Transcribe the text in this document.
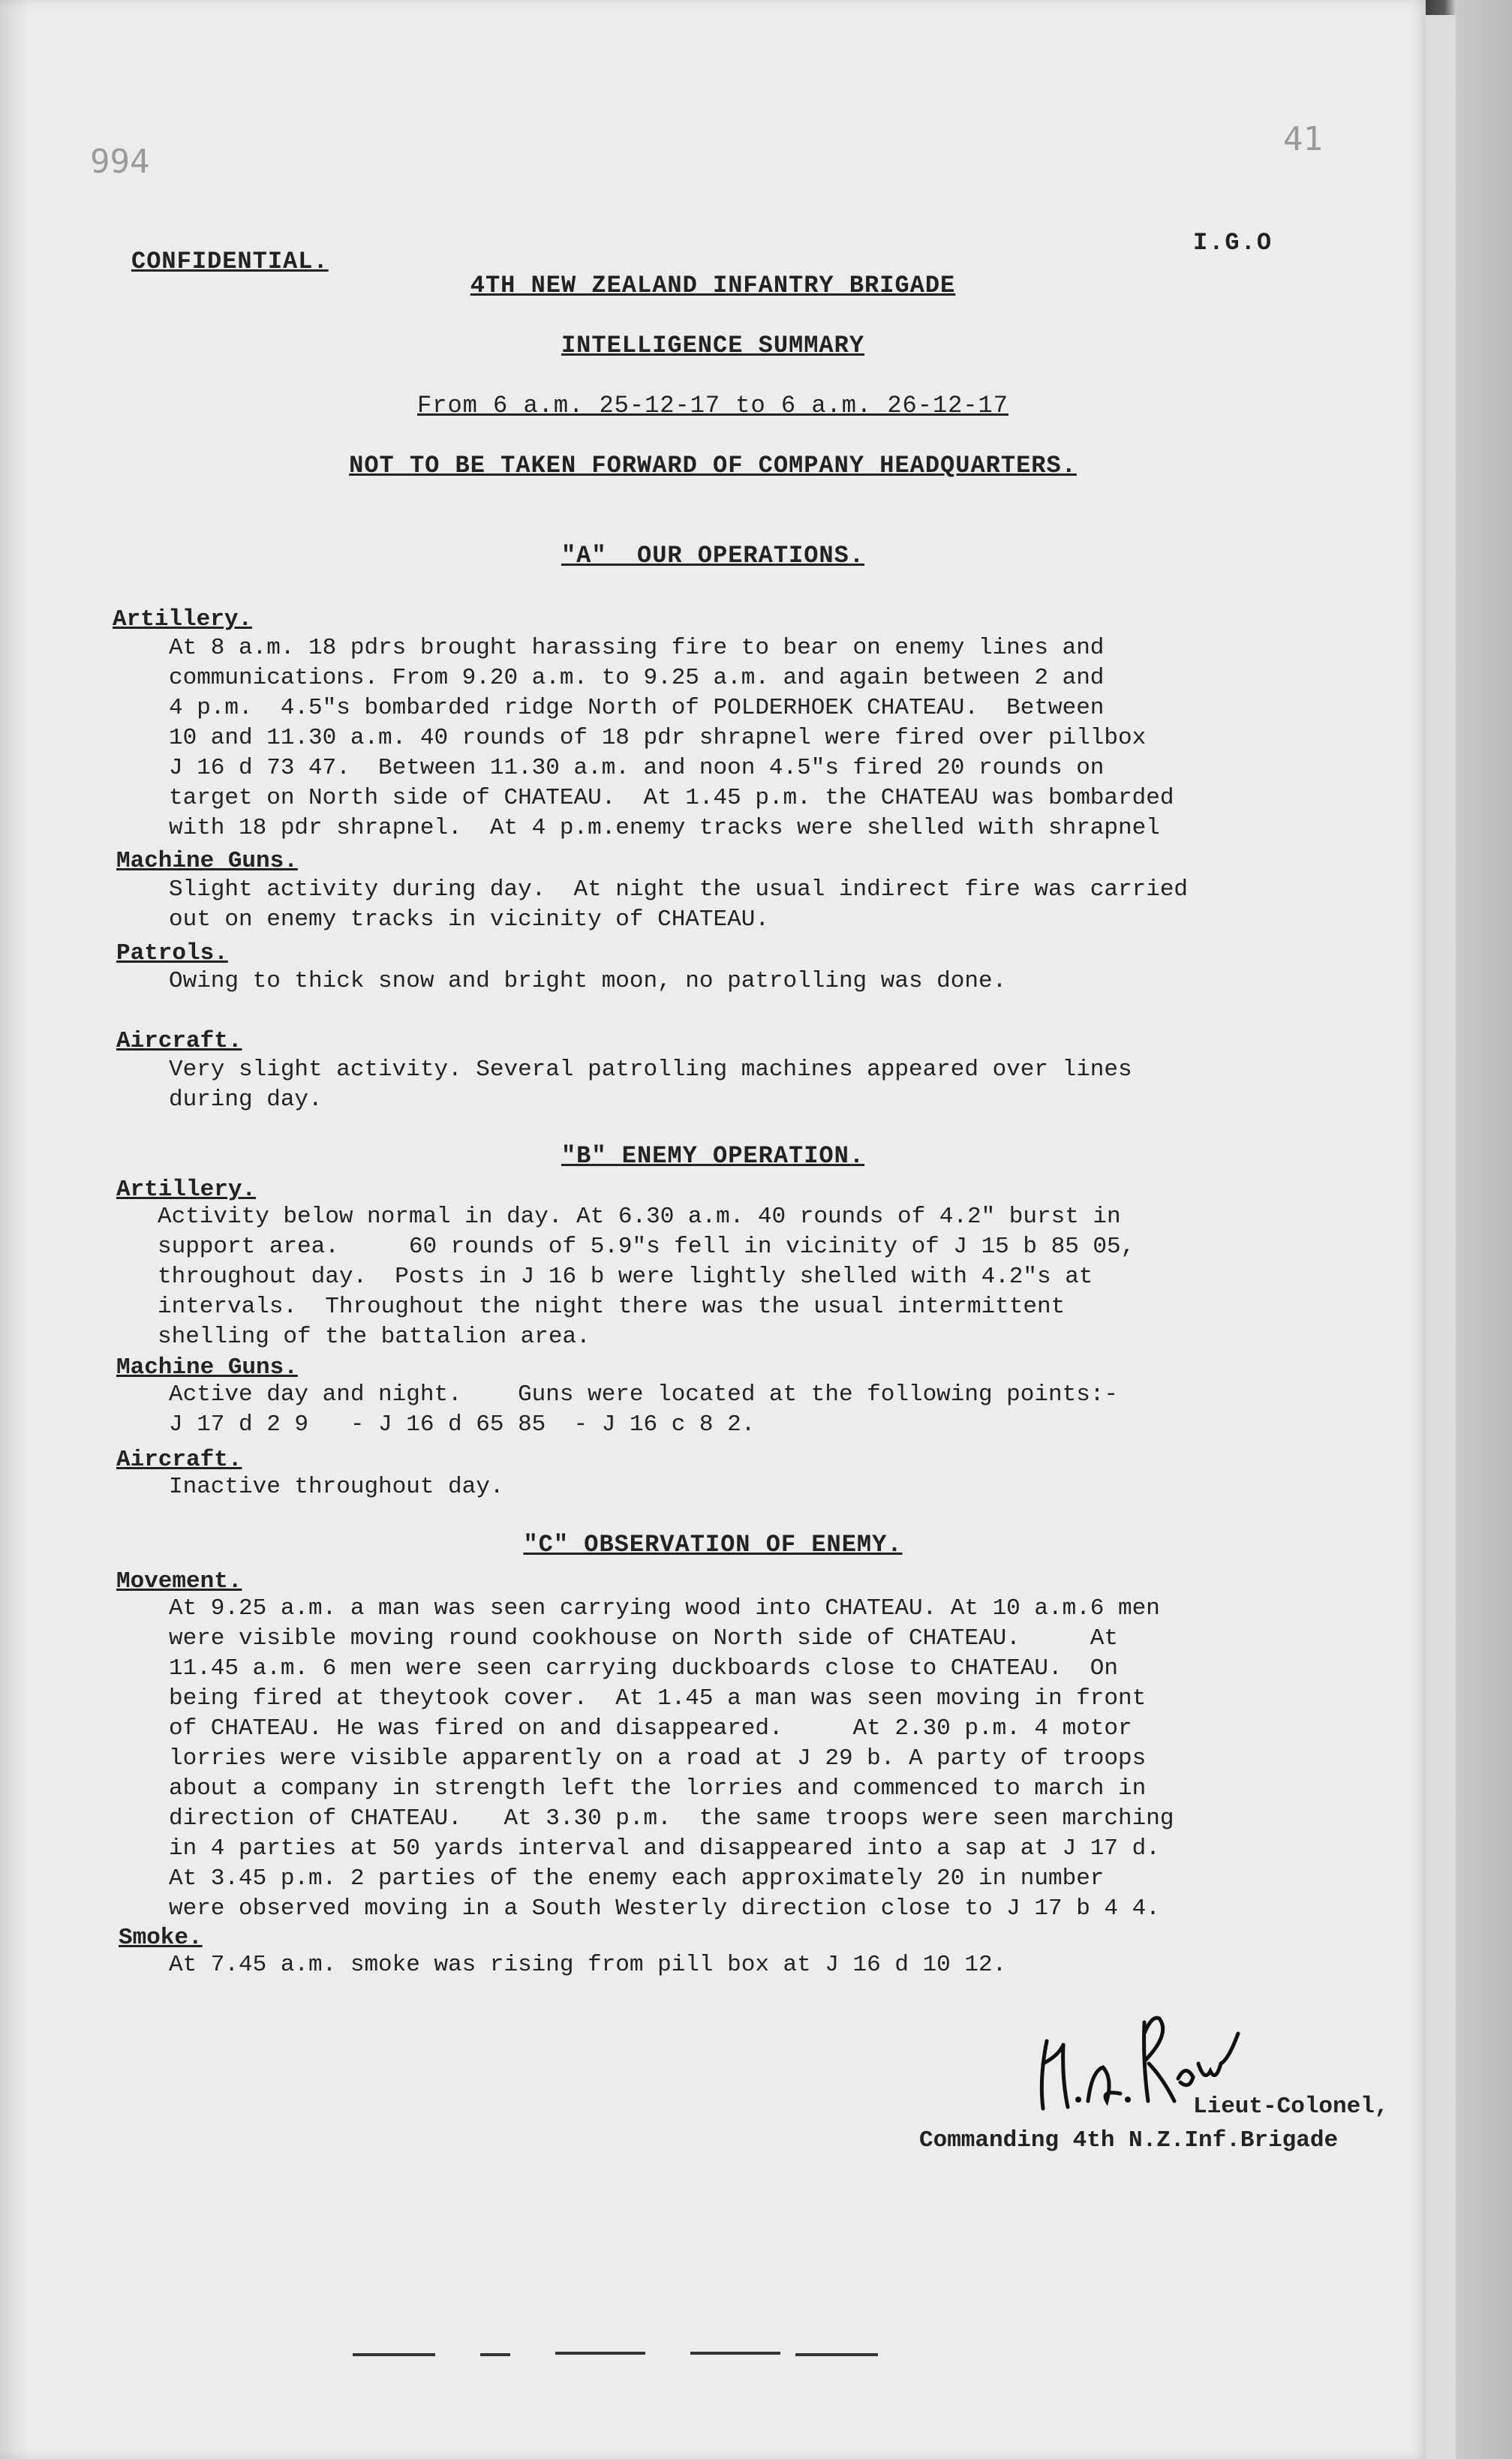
994
41
CONFIDENTIAL.
I.G.O
4TH NEW ZEALAND INFANTRY BRIGADE
INTELLIGENCE SUMMARY
From 6 a.m. 25-12-17 to 6 a.m. 26-12-17
NOT TO BE TAKEN FORWARD OF COMPANY HEADQUARTERS.
"A"  OUR OPERATIONS.
Artillery.
At 8 a.m. 18 pdrs brought harassing fire to bear on enemy lines and
communications. From 9.20 a.m. to 9.25 a.m. and again between 2 and
4 p.m.  4.5"s bombarded ridge North of POLDERHOEK CHATEAU.  Between
10 and 11.30 a.m. 40 rounds of 18 pdr shrapnel were fired over pillbox
J 16 d 73 47.  Between 11.30 a.m. and noon 4.5"s fired 20 rounds on
target on North side of CHATEAU.  At 1.45 p.m. the CHATEAU was bombarded
with 18 pdr shrapnel.  At 4 p.m.enemy tracks were shelled with shrapnel
Machine Guns.
Slight activity during day.  At night the usual indirect fire was carried
out on enemy tracks in vicinity of CHATEAU.
Patrols.
Owing to thick snow and bright moon, no patrolling was done.
Aircraft.
Very slight activity. Several patrolling machines appeared over lines
during day.
"B" ENEMY OPERATION.
Artillery.
Activity below normal in day. At 6.30 a.m. 40 rounds of 4.2" burst in
support area.     60 rounds of 5.9"s fell in vicinity of J 15 b 85 05,
throughout day.  Posts in J 16 b were lightly shelled with 4.2"s at
intervals.  Throughout the night there was the usual intermittent
shelling of the battalion area.
Machine Guns.
Active day and night.    Guns were located at the following points:-
J 17 d 2 9   - J 16 d 65 85  - J 16 c 8 2.
Aircraft.
Inactive throughout day.
"C" OBSERVATION OF ENEMY.
Movement.
At 9.25 a.m. a man was seen carrying wood into CHATEAU. At 10 a.m.6 men
were visible moving round cookhouse on North side of CHATEAU.     At
11.45 a.m. 6 men were seen carrying duckboards close to CHATEAU.  On
being fired at theytook cover.  At 1.45 a man was seen moving in front
of CHATEAU. He was fired on and disappeared.     At 2.30 p.m. 4 motor
lorries were visible apparently on a road at J 29 b. A party of troops
about a company in strength left the lorries and commenced to march in
direction of CHATEAU.   At 3.30 p.m.  the same troops were seen marching
in 4 parties at 50 yards interval and disappeared into a sap at J 17 d.
At 3.45 p.m. 2 parties of the enemy each approximately 20 in number
were observed moving in a South Westerly direction close to J 17 b 4 4.
Smoke.
At 7.45 a.m. smoke was rising from pill box at J 16 d 10 12.
Lieut-Colonel,
Commanding 4th N.Z.Inf.Brigade
